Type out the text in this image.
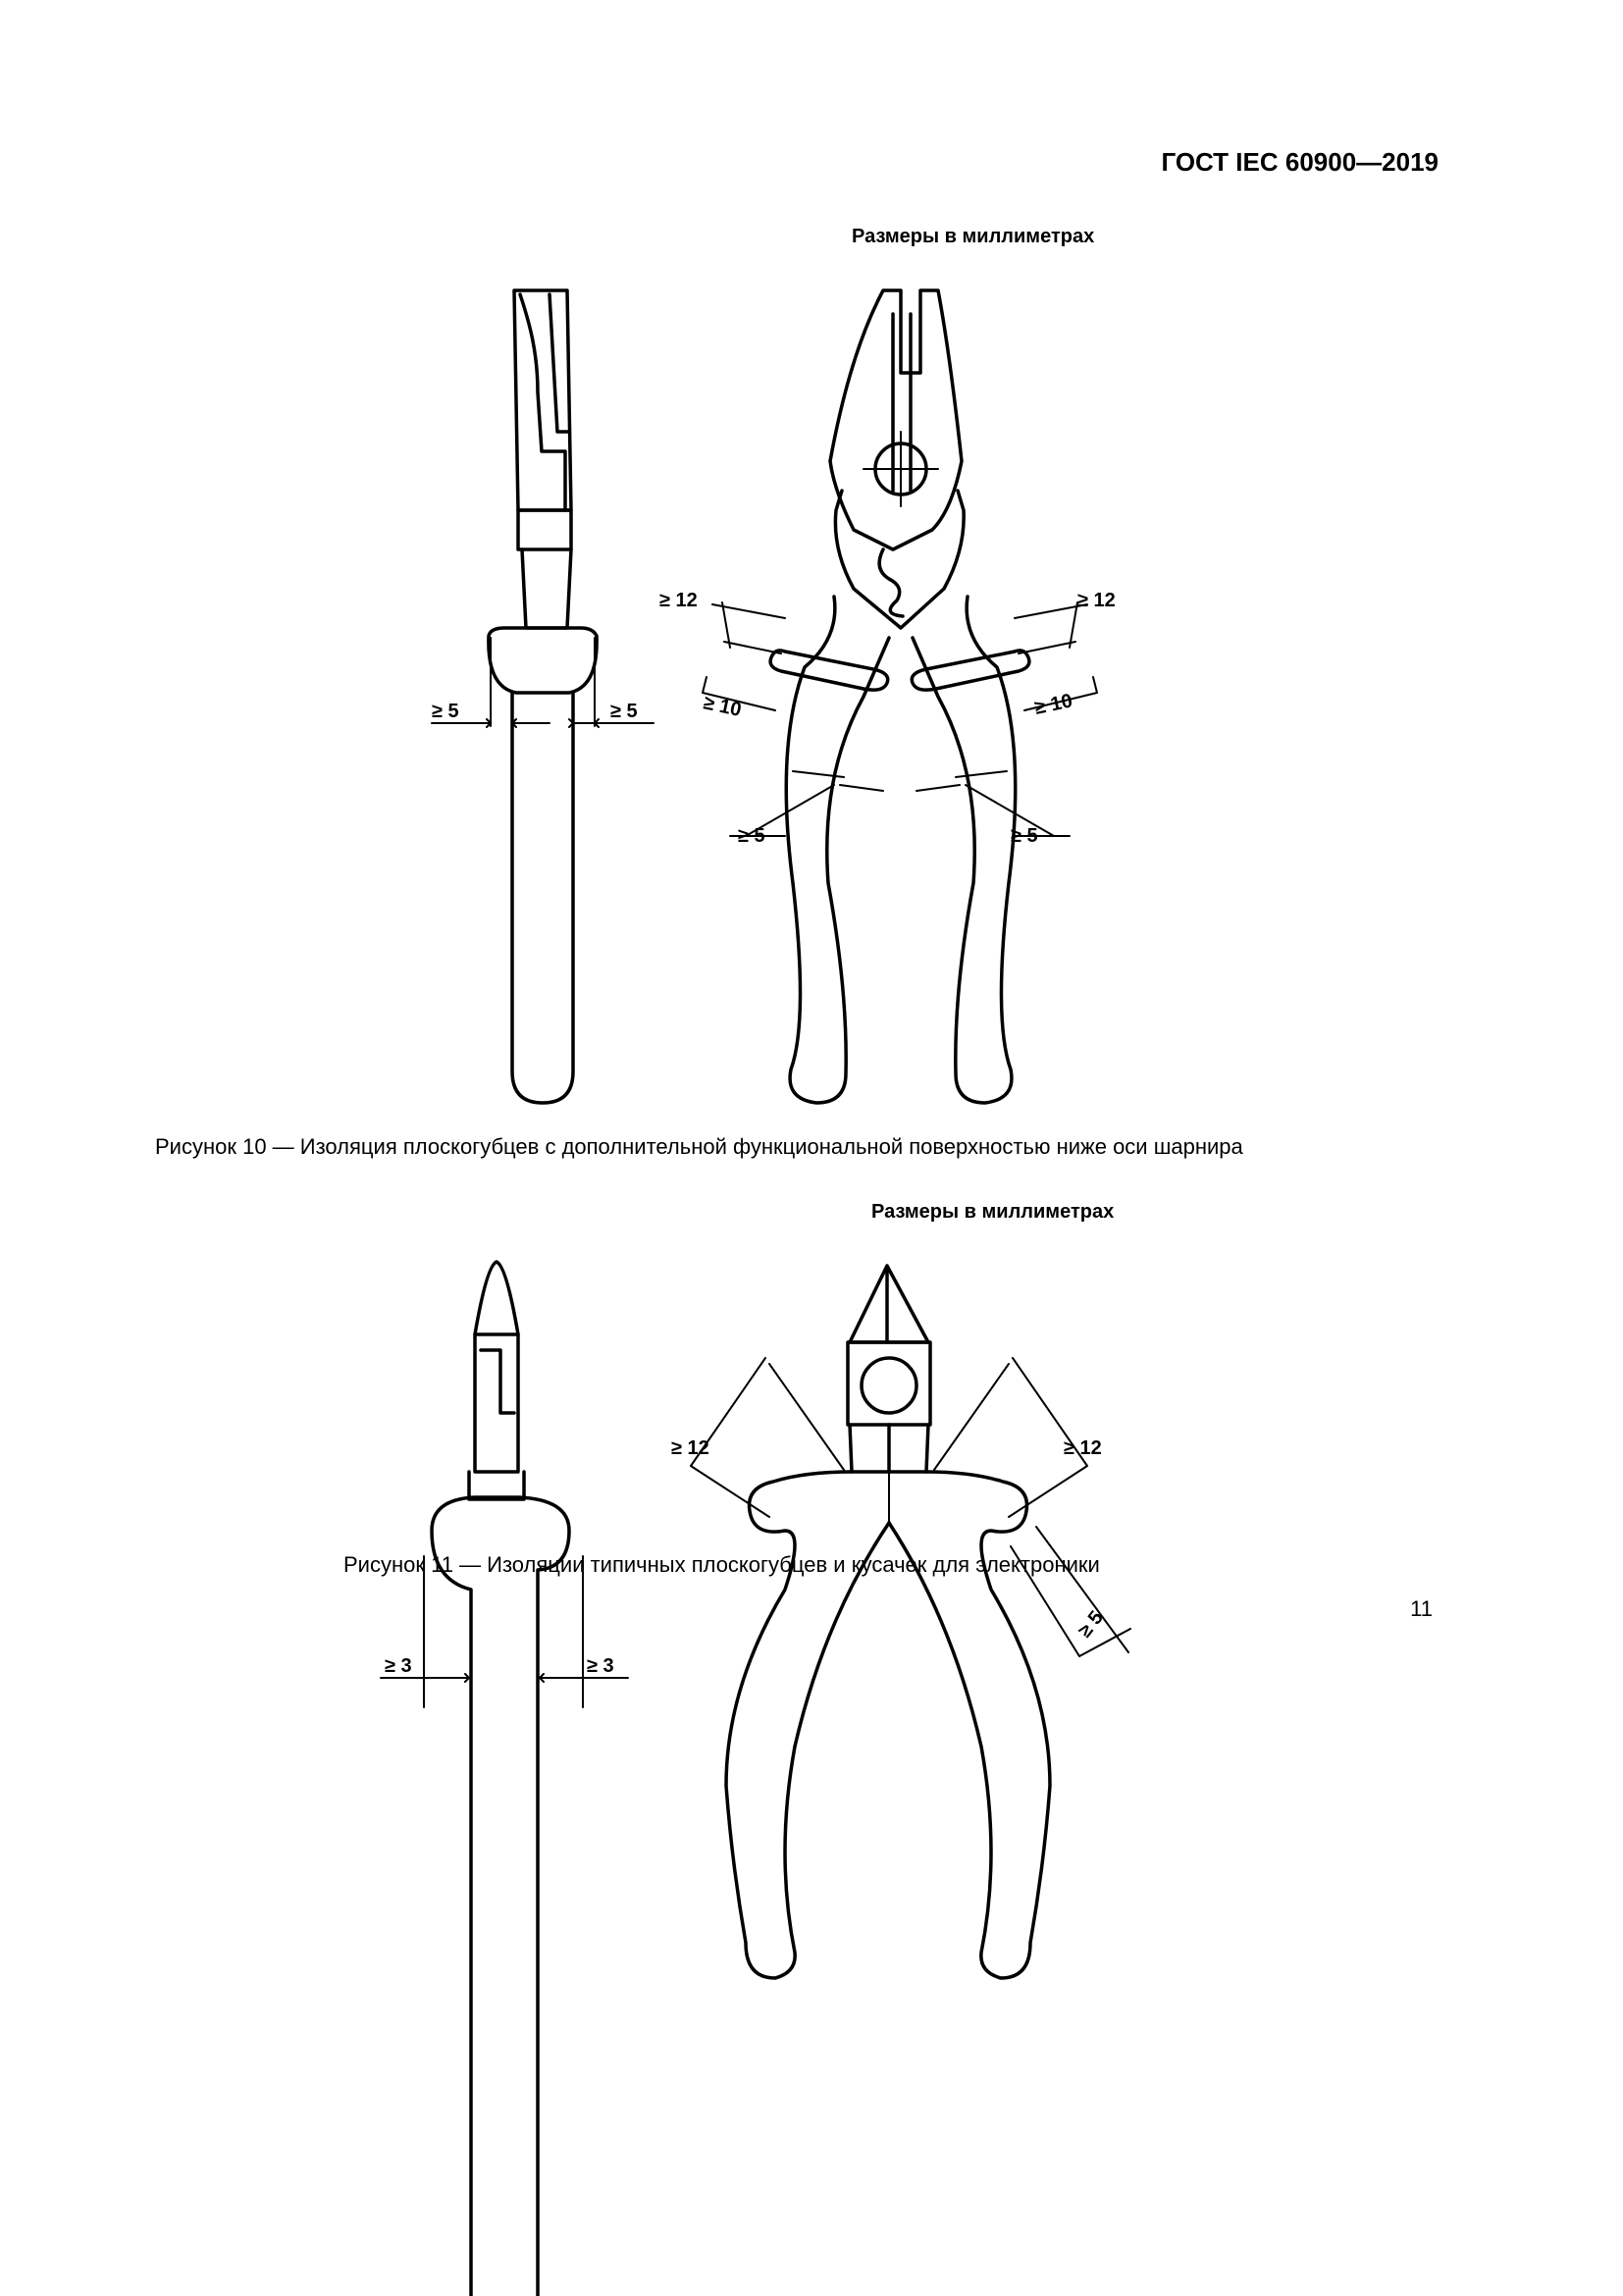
ГОСТ IEC 60900—2019
Размеры в миллиметрах
≥ 5	≥ 5
≥ 12	≥ 12
≥ 10	≥ 10
≥ 5	≥ 5
Рисунок 10 — Изоляция плоскогубцев с дополнительной функциональной поверхностью ниже оси шарнира
Размеры в миллиметрах
≥ 3	≥ 3
≥ 12	≥ 12
≥ 5
Рисунок 11 — Изоляции типичных плоскогубцев и кусачек для электроники
11
